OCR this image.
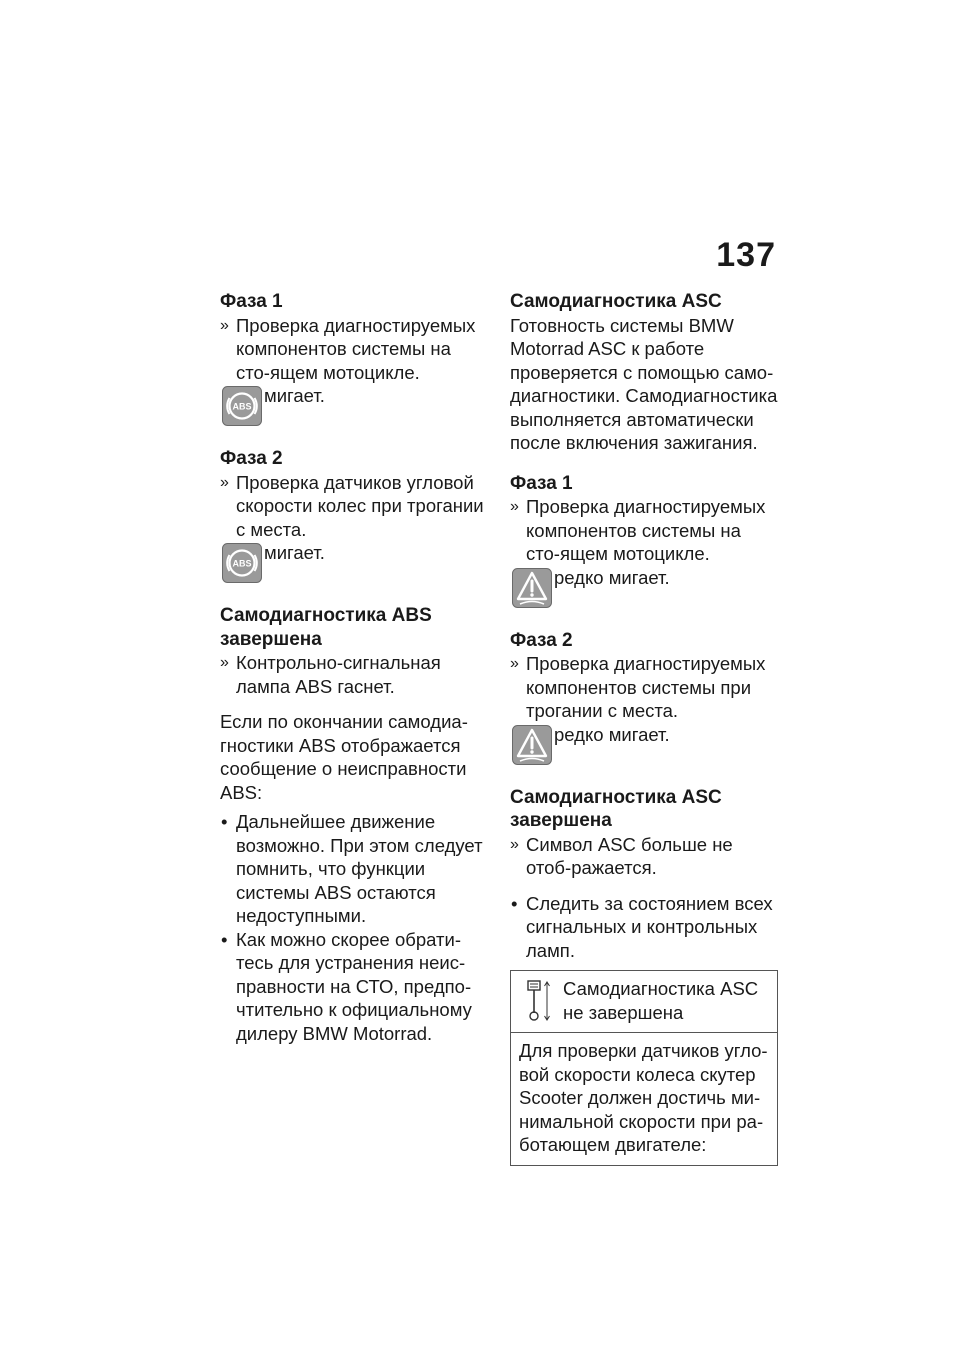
137
Фаза 1
» Проверка диагностируемых компонентов системы на сто-ящем мотоцикле.
ABS
мигает.
Фаза 2
» Проверка датчиков угловой скорости колес при трогании с места.
ABS
мигает.
Самодиагностика ABS завершена
» Контрольно-сигнальная лампа ABS гаснет.

Если по окончании самодиа-гностики ABS отображается сообщение о неисправности ABS:

• Дальнейшее движение возможно. При этом следует помнить, что функции системы ABS остаются недоступными.
• Как можно скорее обрати-тесь для устранения неис-правности на СТО, предпо-чтительно к официальному дилеру BMW Motorrad.
Самодиагностика ASC

Готовность системы BMW Motorrad ASC к работе проверяется с помощью само-диагностики. Самодиагностика выполняется автоматически после включения зажигания.

Фаза 1
» Проверка диагностируемых компонентов системы на сто-ящем мотоцикле.
редко мигает.
Фаза 2
» Проверка диагностируемых компонентов системы при трогании с места.
редко мигает.
Самодиагностика ASC завершена
» Символ ASC больше не отоб-ражается.
• Следить за состоянием всех сигнальных и контрольных ламп.
Самодиагностика ASC не завершена
Для проверки датчиков угло-вой скорости колеса скутер Scooter должен достичь ми-нимальной скорости при ра-ботающем двигателе:
